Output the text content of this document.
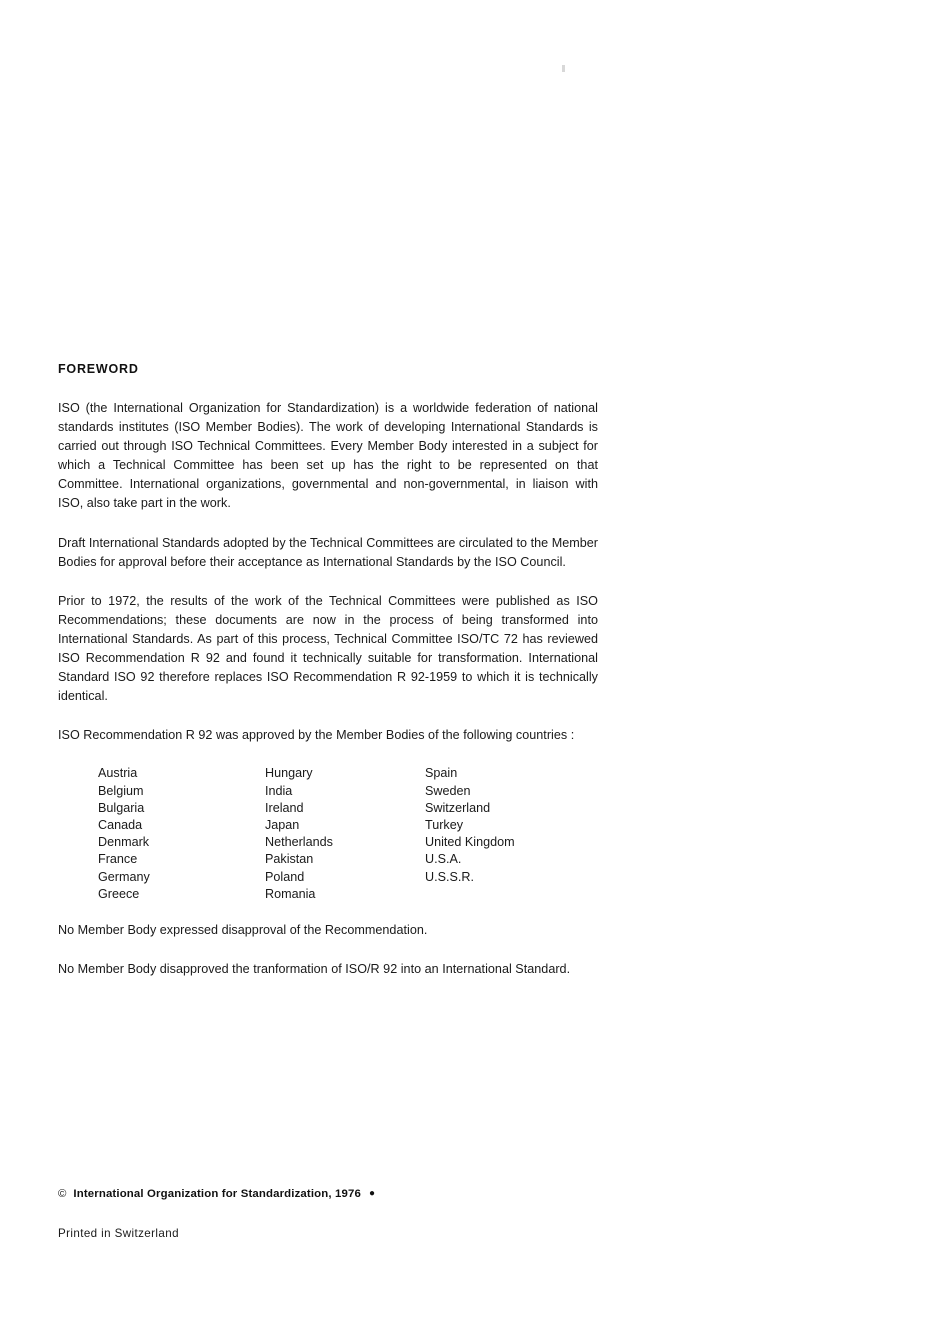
FOREWORD

ISO (the International Organization for Standardization) is a worldwide federation of national standards institutes (ISO Member Bodies). The work of developing International Standards is carried out through ISO Technical Committees. Every Member Body interested in a subject for which a Technical Committee has been set up has the right to be represented on that Committee. International organizations, governmental and non-governmental, in liaison with ISO, also take part in the work.

Draft International Standards adopted by the Technical Committees are circulated to the Member Bodies for approval before their acceptance as International Standards by the ISO Council.

Prior to 1972, the results of the work of the Technical Committees were published as ISO Recommendations; these documents are now in the process of being transformed into International Standards. As part of this process, Technical Committee ISO/TC 72 has reviewed ISO Recommendation R 92 and found it technically suitable for transformation. International Standard ISO 92 therefore replaces ISO Recommendation R 92-1959 to which it is technically identical.

ISO Recommendation R 92 was approved by the Member Bodies of the following countries :

Austria
Belgium
Bulgaria
Canada
Denmark
France
Germany
Greece
Hungary
India
Ireland
Japan
Netherlands
Pakistan
Poland
Romania
Spain
Sweden
Switzerland
Turkey
United Kingdom
U.S.A.
U.S.S.R.

No Member Body expressed disapproval of the Recommendation.

No Member Body disapproved the tranformation of ISO/R 92 into an International Standard.

© International Organization for Standardization, 1976 ●
Printed in Switzerland
